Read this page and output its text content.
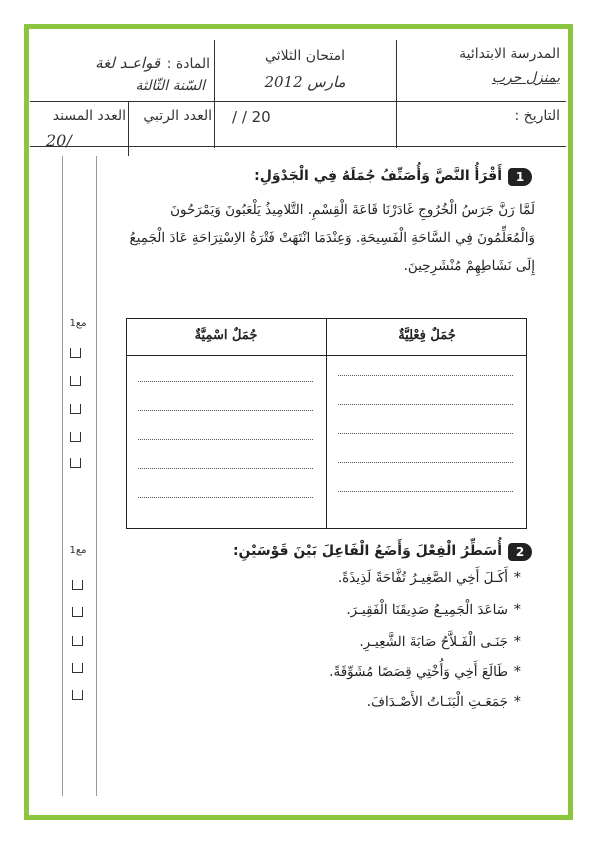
المدرسة الابتدائية
بمنزل حرب
امتحان الثلاثي
مارس 2012
المادة :
قواعـد لغة
السّنة الثّالثة
التاريخ :
/ / 20
العدد الرتبي
العدد المسند
20/
1
أَقْرَأُ النَّصَّ وَأُصَنِّفُ جُمَلَهُ فِي الْجَدْوَلِ:
لَمَّا رَنَّ جَرَسُ الْخُرُوجِ غَادَرْنَا قَاعَةَ الْقِسْمِ. التَّلامِيذُ يَلْعَبُونَ وَيَمْرَحُونَ
وَالْمُعَلِّمُونَ فِي السَّاحَةِ الْفَسِيحَةِ. وَعِنْدَمَا انْتَهَتْ فَتْرَةُ الاِسْتِرَاحَةِ عَادَ الْجَمِيعُ
إِلَى نَشَاطِهِمْ مُنْشَرِحِينَ.
جُمَلٌ فِعْلِيَّةٌ
جُمَلٌ اسْمِيَّةٌ
مع1
2
أُسَطِّرُ الْفِعْلَ وَأَضَعُ الْفَاعِلَ بَيْنَ قَوْسَيْنِ:
*
أَكَـلَ أَخِي الصَّغِيـرُ تُفَّاحَةً لَذِيذَةً.
*
سَاعَدَ الْجَمِيـعُ صَدِيقَنَا الْفَقِيـرَ.
*
جَنَـى الْفَـلاَّحُ صَابَةَ الشَّعِيـرِ.
*
طَالَعَ أَخِي وَأُخْتِي قِصَصًا مُشَوِّقَةً.
*
جَمَعَـتِ الْبَنَـاتُ الأَصْـدَافَ.
مع1
